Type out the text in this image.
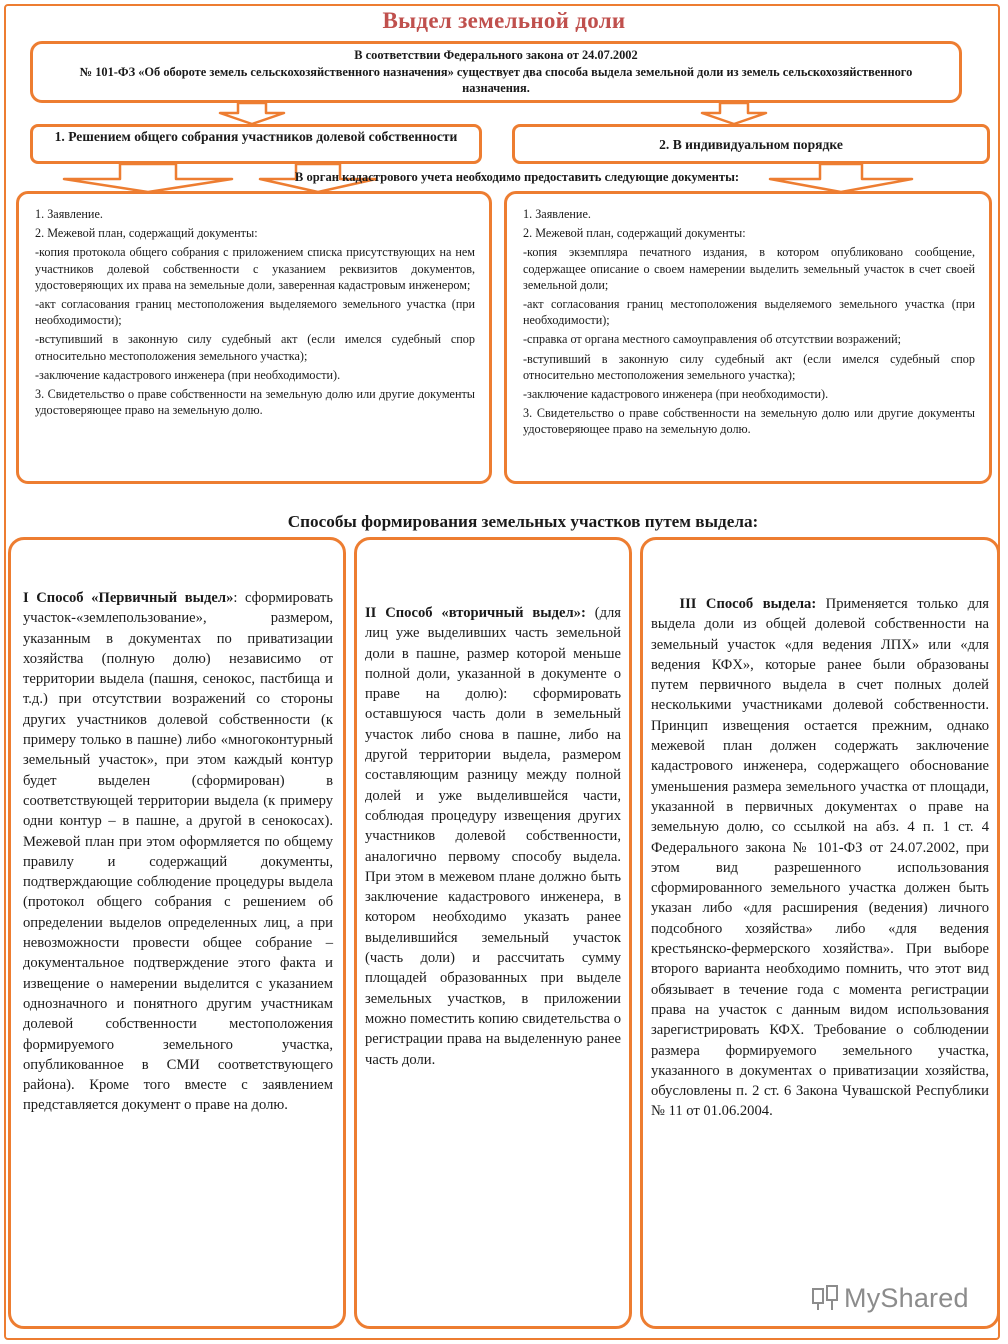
Выдел земельной доли
В соответствии Федерального закона от 24.07.2002
№ 101-ФЗ «Об обороте земель сельскохозяйственного назначения» существует два способа выдела земельной доли из земель сельскохозяйственного назначения.
1. Решением общего собрания участников долевой собственности
2. В индивидуальном порядке
В орган кадастрового учета необходимо предоставить следующие документы:

1. Заявление.

2. Межевой план, содержащий документы:

-копия протокола общего собрания с приложением списка присутствующих на нем участников долевой собственности с указанием реквизитов документов, удостоверяющих их права на земельные доли, заверенная кадастровым инженером;

-акт согласования границ местоположения выделяемого земельного участка (при необходимости);

-вступивший в законную силу судебный акт (если имелся судебный спор относительно местоположения земельного участка);

-заключение кадастрового инженера (при необходимости).

3. Свидетельство о праве собственности на земельную долю или другие документы удостоверяющее право на земельную долю.

1. Заявление.

2. Межевой план, содержащий документы:

-копия экземпляра печатного издания, в котором опубликовано сообщение, содержащее описание о своем намерении выделить земельный участок в счет своей земельной доли;

-акт согласования границ местоположения выделяемого земельного участка (при необходимости);

-справка от органа местного самоуправления об отсутствии возражений;

-вступивший в законную силу судебный акт (если имелся судебный спор относительно местоположения земельного участка);

-заключение кадастрового инженера (при необходимости).

3. Свидетельство о праве собственности на земельную долю или другие документы удостоверяющее право на земельную долю.

Способы формирования земельных участков путем выдела:
I Способ «Первичный выдел»: сформировать участок-«землепользование», размером, указанным в документах по приватизации хозяйства (полную долю) независимо от территории выдела (пашня, сенокос, пастбища и т.д.) при отсутствии возражений со стороны других участников долевой собственности (к примеру только в пашне) либо «многоконтурный земельный участок», при этом каждый контур будет выделен (сформирован) в соответствующей территории выдела (к примеру одни контур – в пашне, а другой в сенокосах). Межевой план при этом оформляется по общему правилу и содержащий документы, подтверждающие соблюдение процедуры выдела (протокол общего собрания с решением об определении выделов определенных лиц, а при невозможности провести общее собрание – документальное подтверждение этого факта и извещение о намерении выделится с указанием однозначного и понятного другим участникам долевой собственности местоположения формируемого земельного участка, опубликованное в СМИ соответствующего района). Кроме того вместе с заявлением представляется документ о праве на долю.
II Способ «вторичный выдел»: (для лиц уже выделивших часть земельной доли в пашне, размер которой меньше полной доли, указанной в документе о праве на долю): сформировать оставшуюся часть доли в земельный участок либо снова в пашне, либо на другой территории выдела, размером составляющим разницу между полной долей и уже выделившейся части, соблюдая процедуру извещения других участников долевой собственности, аналогично первому способу выдела. При этом в межевом плане должно быть заключение кадастрового инженера, в котором необходимо указать ранее выделившийся земельный участок (часть доли) и рассчитать сумму площадей образованных при выделе земельных участков, в приложении можно поместить копию свидетельства о регистрации права на выделенную ранее часть доли.
III Способ выдела: Применяется только для выдела доли из общей долевой собственности на земельный участок «для ведения ЛПХ» или «для ведения КФХ», которые ранее были образованы путем первичного выдела в счет полных долей несколькими участниками долевой собственности. Принцип извещения остается прежним, однако межевой план должен содержать заключение кадастрового инженера, содержащего обоснование уменьшения размера земельного участка от площади, указанной в первичных документах о праве на земельную долю, со ссылкой на абз. 4 п. 1 ст. 4 Федерального закона № 101-ФЗ от 24.07.2002, при этом вид разрешенного использования сформированного земельного участка должен быть указан либо «для расширения (ведения) личного подсобного хозяйства» либо «для ведения крестьянско-фермерского хозяйства». При выборе второго варианта необходимо помнить, что этот вид обязывает в течение года с момента регистрации права на участок с данным видом использования зарегистрировать КФХ. Требование о соблюдении размера формируемого земельного участка, указанного в документах о приватизации хозяйства, обусловлены п. 2 ст. 6 Закона Чувашской Республики № 11 от 01.06.2004.
MyShared
